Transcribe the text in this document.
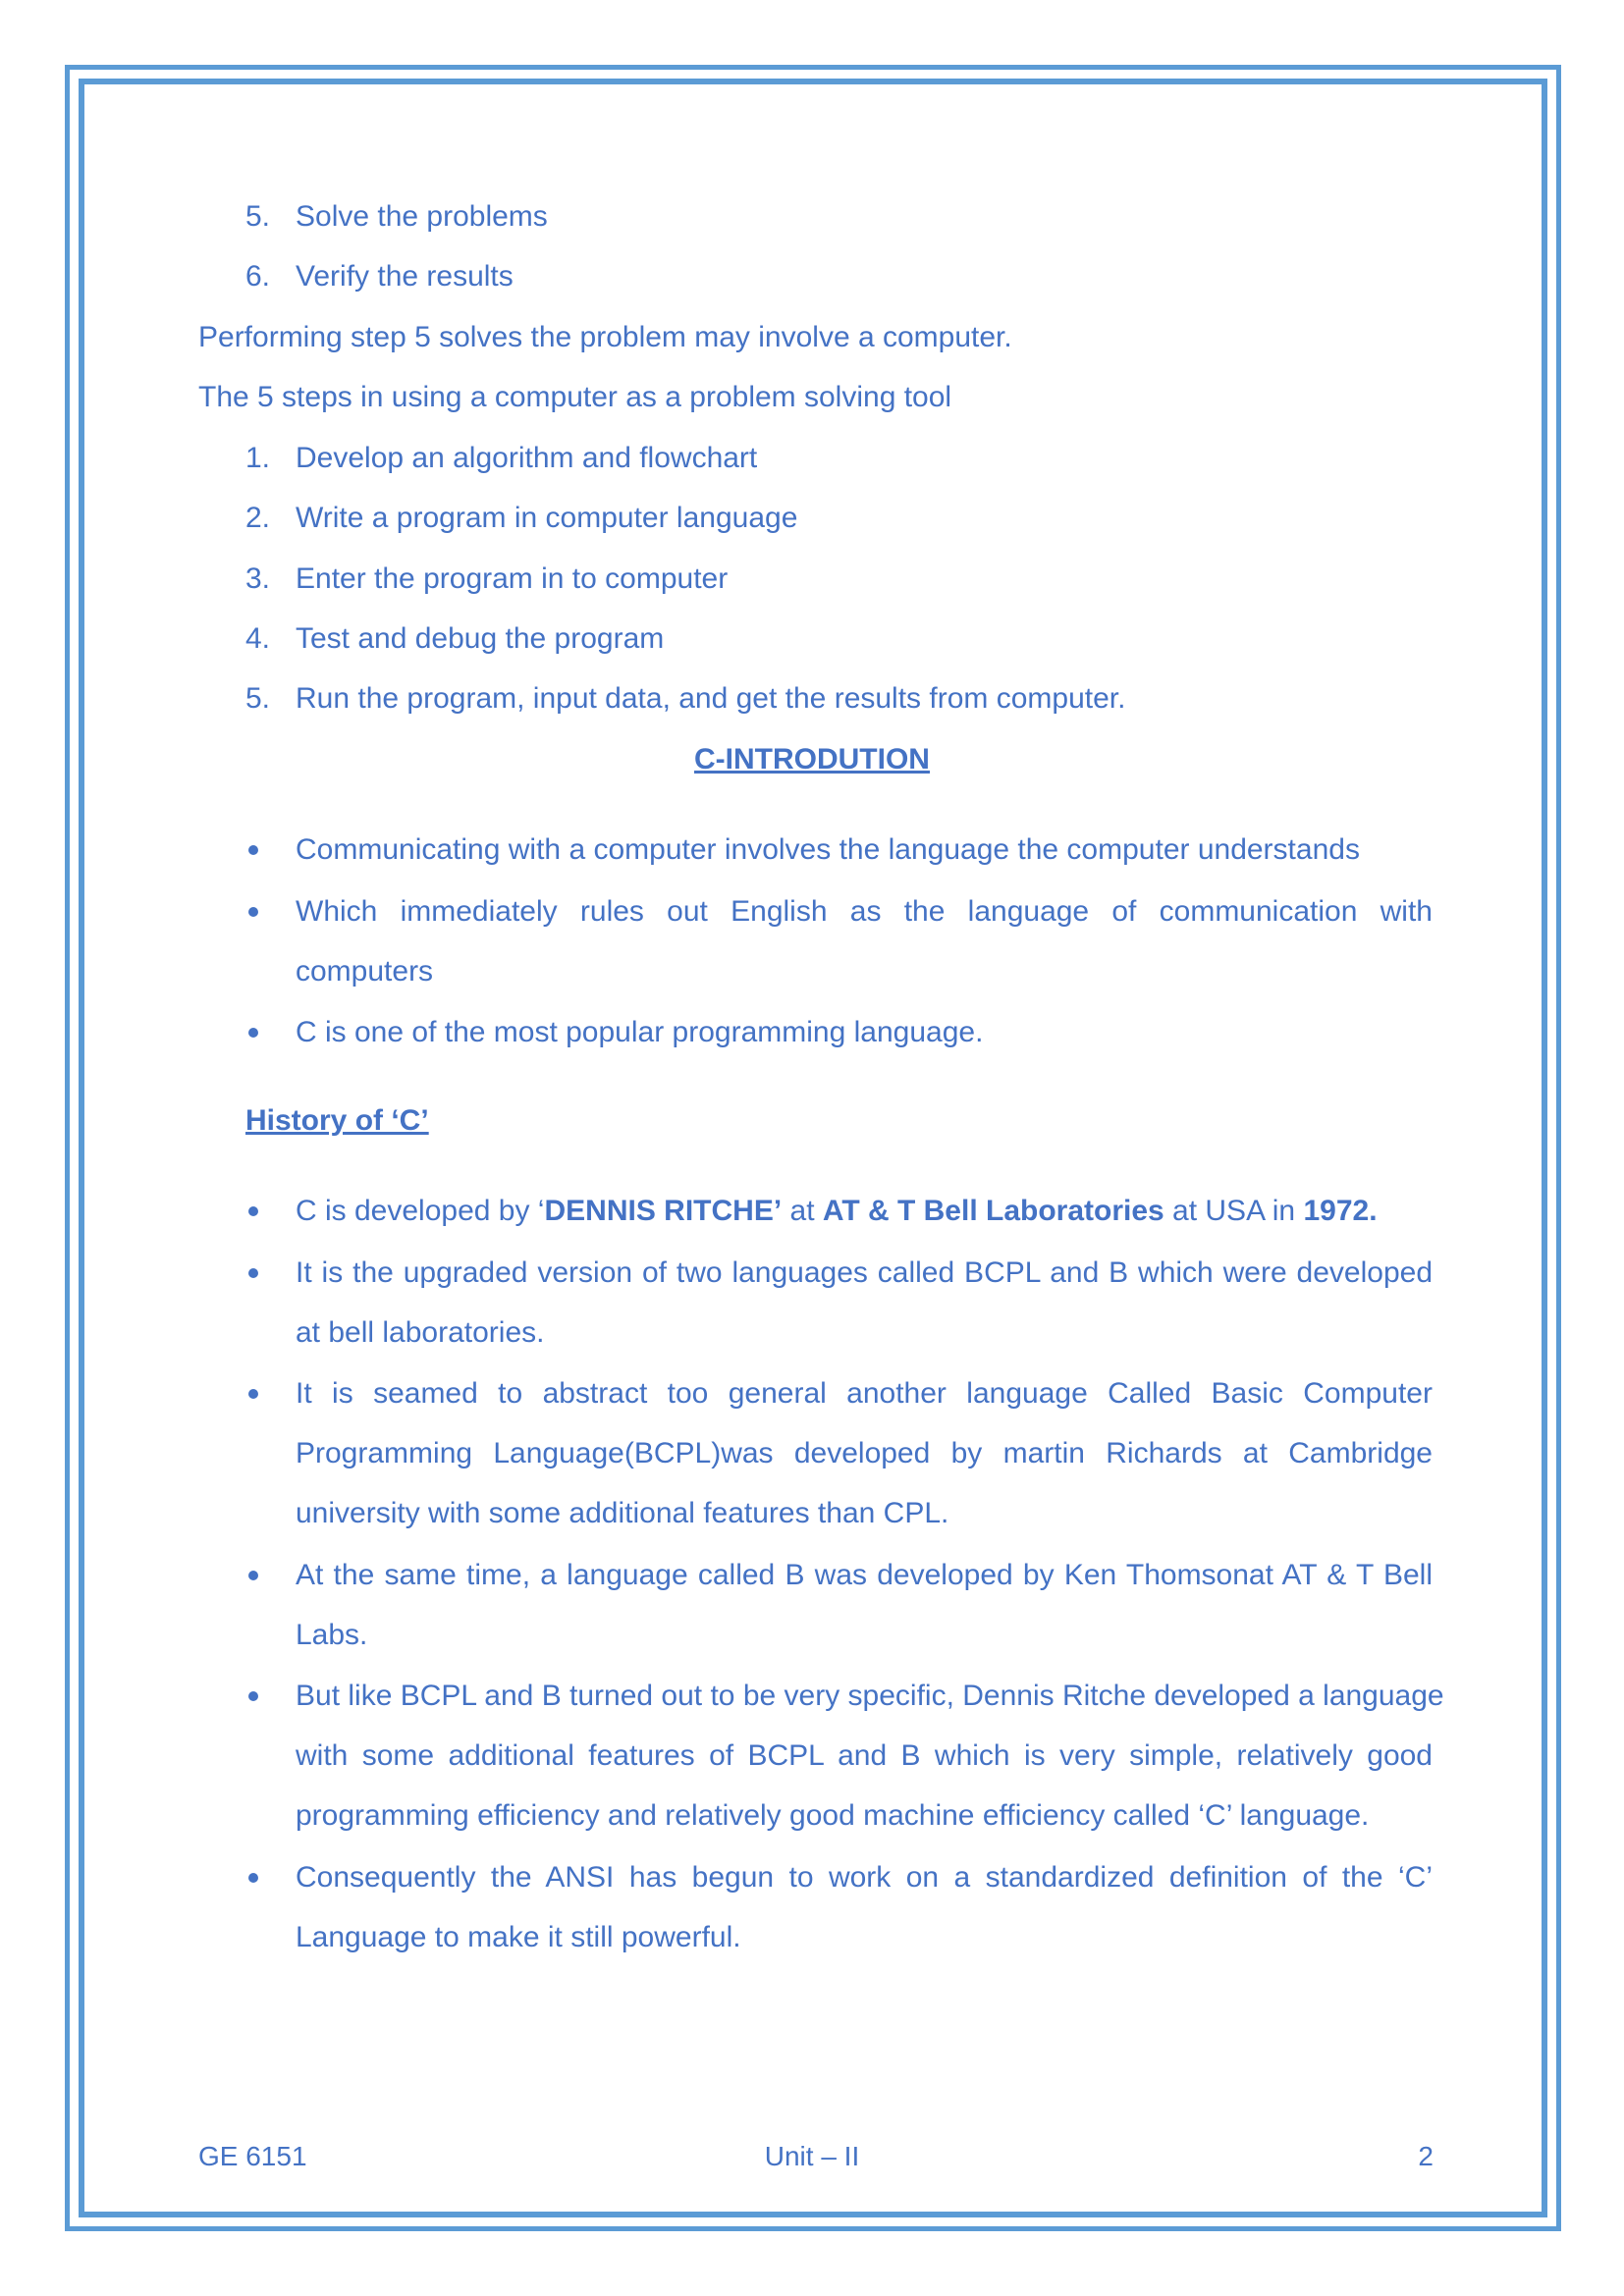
5. Solve the problems
6. Verify the results
Performing step 5 solves the problem may involve a computer.
The 5 steps in using a computer as a problem solving tool
1. Develop an algorithm and flowchart
2. Write a program in computer language
3. Enter the program in to computer
4. Test and debug the program
5. Run the program, input data, and get the results from computer.
C-INTRODUTION
Communicating with a computer involves the language the computer understands
Which immediately rules out English as the language of communication with
computers
C is one of the most popular programming language.
History of ‘C’
C is developed by ‘DENNIS RITCHE’ at AT & T Bell Laboratories at USA in 1972.
It is the upgraded version of two languages called BCPL and B which were developed
at bell laboratories.
It is seamed to abstract too general another language Called Basic Computer
Programming Language(BCPL)was developed by martin Richards at Cambridge
university with some additional features than CPL.
At the same time, a language called B was developed by Ken Thomsonat AT & T Bell
Labs.
But like BCPL and B turned out to be very specific, Dennis Ritche developed a language
with some additional features of BCPL and B which is very simple, relatively good
programming efficiency and relatively good machine efficiency called ‘C’ language.
Consequently the ANSI has begun to work on a standardized definition of the ‘C’
Language to make it still powerful.
GE 6151	Unit – II	2
